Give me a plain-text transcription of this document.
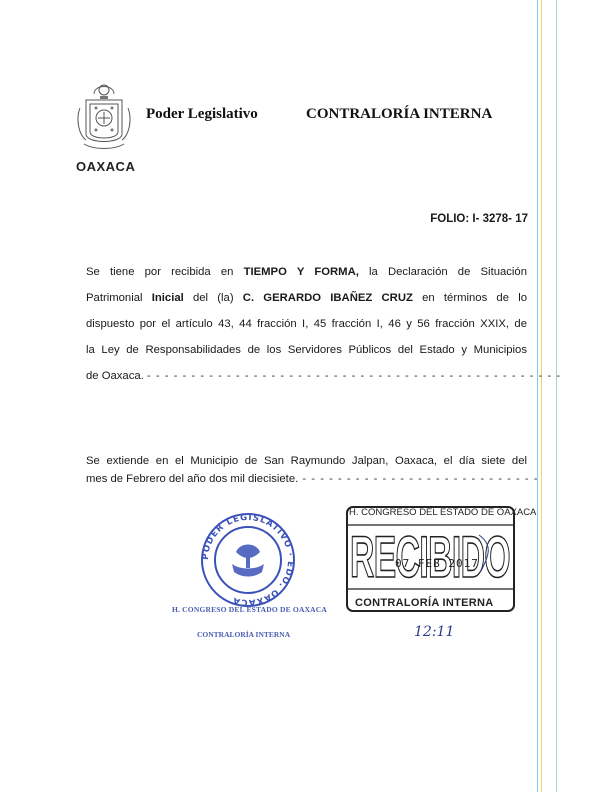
OAXACA
Poder Legislativo	CONTRALORÍA INTERNA
FOLIO: I- 3278- 17
Se tiene por recibida en TIEMPO Y FORMA, la Declaración de Situación
Patrimonial Inicial del (la) C. GERARDO IBAÑEZ CRUZ en términos de lo
dispuesto por el artículo 43, 44 fracción I, 45 fracción I, 46 y 56 fracción XXIX, de
la Ley de Responsabilidades de los Servidores Públicos del Estado y Municipios
de Oaxaca. - - - - - - - - - - - - - - - - - - - - - - - - - - - - - - - - - - - - - - - - - - - - - - -
Se extiende en el Municipio de San Raymundo Jalpan, Oaxaca, el día siete del
mes de Febrero del año dos mil diecisiete. - - - - - - - - - - - - - - - - - - - - - - - - - - -
PODER LEGISLATIVO · EDO. OAXACA
H. CONGRESO DEL ESTADO DE OAXACA
CONTRALORÍA INTERNA
RECIBIDO
H. CONGRESO DEL ESTADO DE OAXACA
07 FEB 2017
CONTRALORÍA INTERNA
12:11
